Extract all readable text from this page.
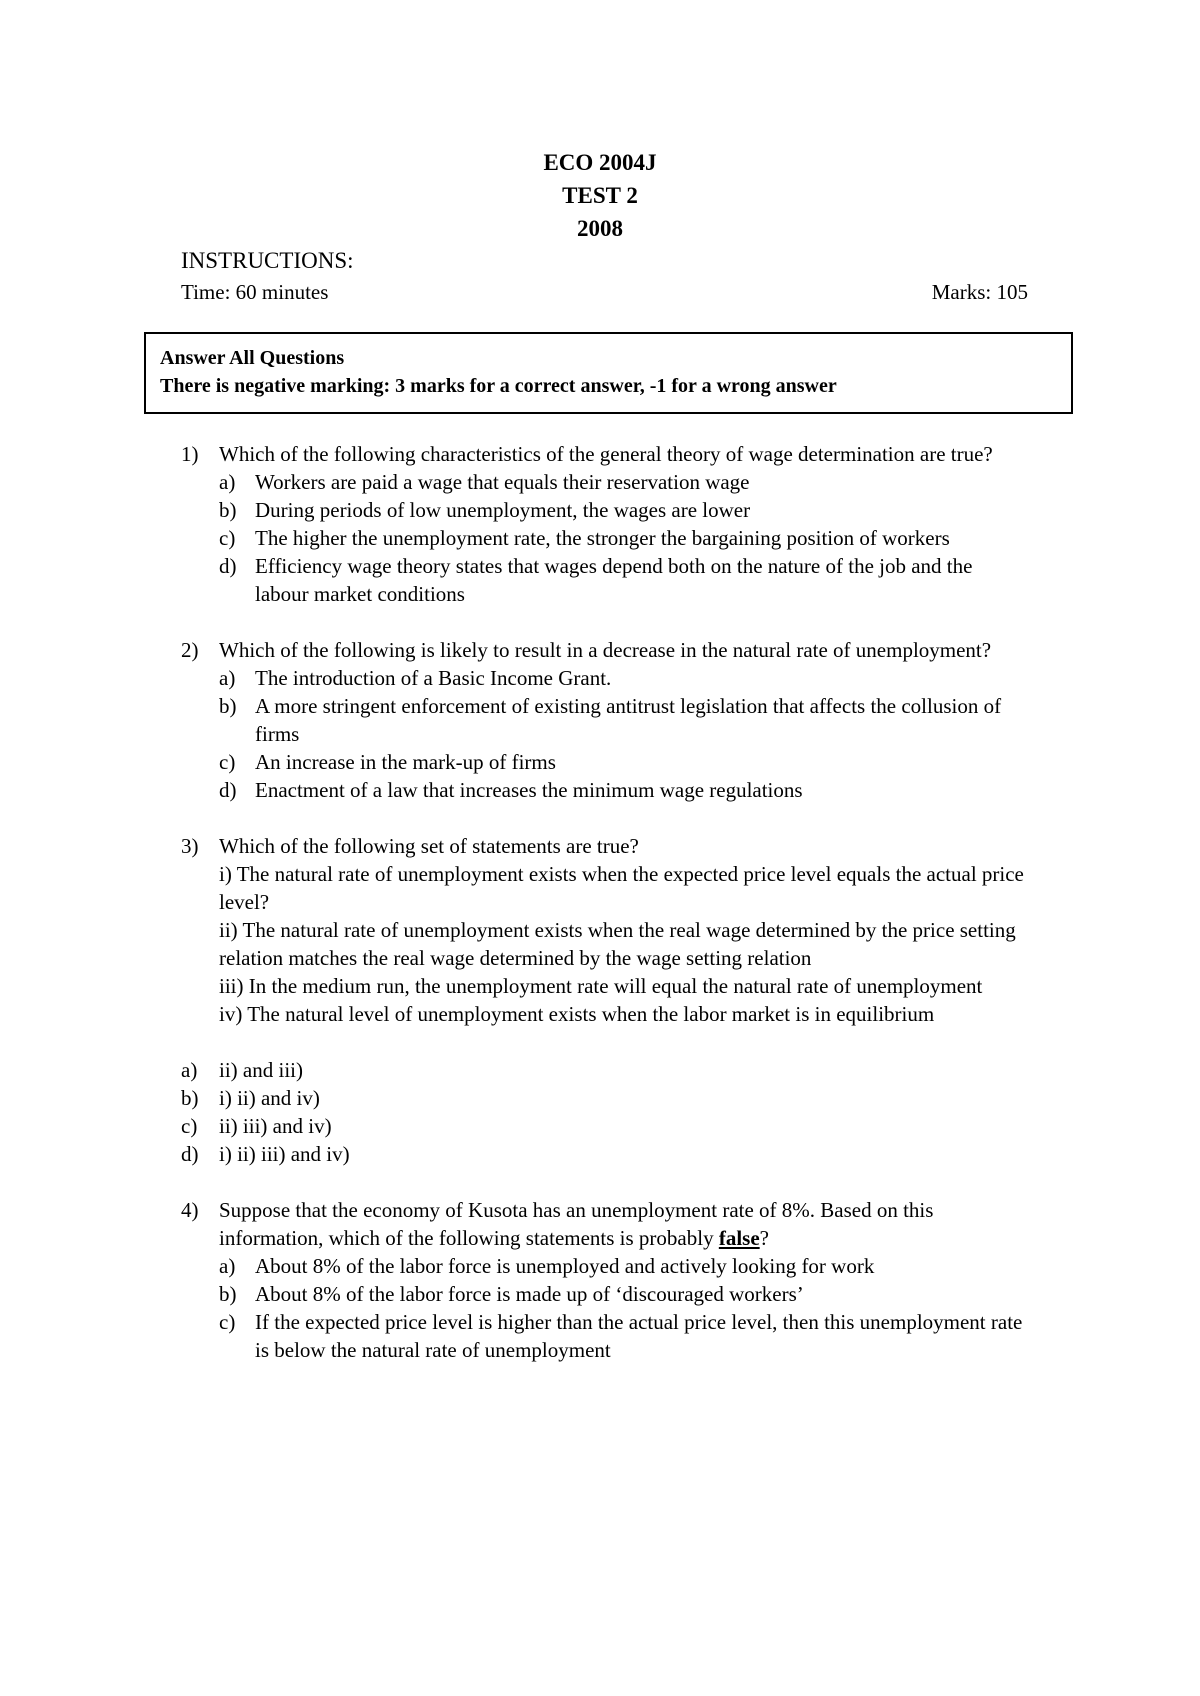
ECO 2004J
TEST 2
2008
INSTRUCTIONS:
Time: 60 minutes	Marks: 105
Answer All Questions
There is negative marking: 3 marks for a correct answer, -1 for a wrong answer
1) Which of the following characteristics of the general theory of wage determination are true?
a) Workers are paid a wage that equals their reservation wage
b) During periods of low unemployment, the wages are lower
c) The higher the unemployment rate, the stronger the bargaining position of workers
d) Efficiency wage theory states that wages depend both on the nature of the job and the labour market conditions
2) Which of the following is likely to result in a decrease in the natural rate of unemployment?
a) The introduction of a Basic Income Grant.
b) A more stringent enforcement of existing antitrust legislation that affects the collusion of firms
c) An increase in the mark-up of firms
d) Enactment of a law that increases the minimum wage regulations
3) Which of the following set of statements are true?
i) The natural rate of unemployment exists when the expected price level equals the actual price level?
ii) The natural rate of unemployment exists when the real wage determined by the price setting relation matches the real wage determined by the wage setting relation
iii) In the medium run, the unemployment rate will equal the natural rate of unemployment
iv) The natural level of unemployment exists when the labor market is in equilibrium
a)	ii) and iii)
b) i) ii) and iv)
c)	ii) iii) and iv)
d) i) ii) iii) and iv)
4) Suppose that the economy of Kusota has an unemployment rate of 8%. Based on this information, which of the following statements is probably false?
a) About 8% of the labor force is unemployed and actively looking for work
b) About 8% of the labor force is made up of ‘discouraged workers’
c) If the expected price level is higher than the actual price level, then this unemployment rate is below the natural rate of unemployment
